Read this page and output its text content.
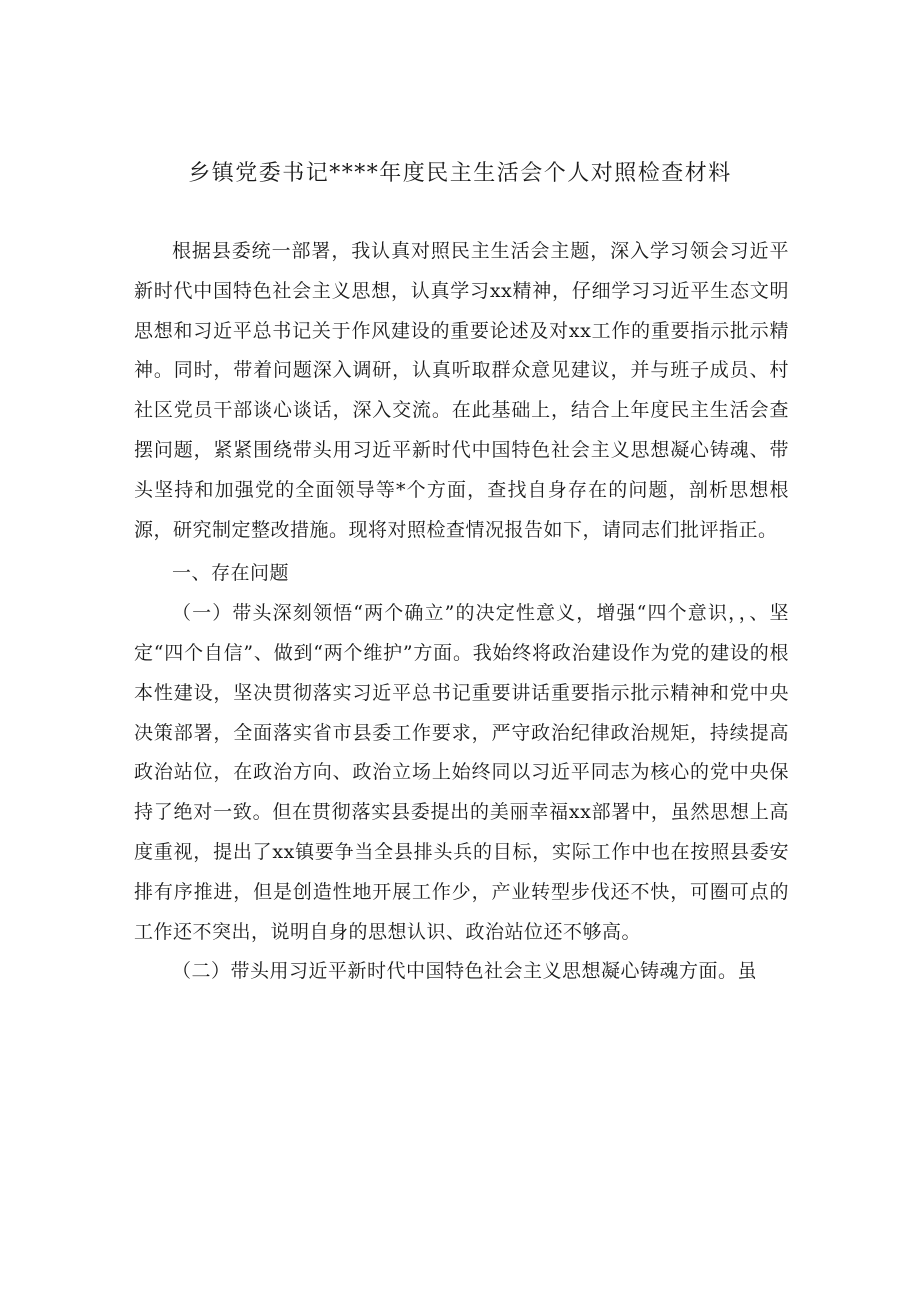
乡镇党委书记****年度民主生活会个人对照检查材料

根据县委统一部署，我认真对照民主生活会主题，深入学习领会习近平新时代中国特色社会主义思想，认真学习xx精神，仔细学习习近平生态文明思想和习近平总书记关于作风建设的重要论述及对xx工作的重要指示批示精神。同时，带着问题深入调研，认真听取群众意见建议，并与班子成员、村社区党员干部谈心谈话，深入交流。在此基础上，结合上年度民主生活会查摆问题，紧紧围绕带头用习近平新时代中国特色社会主义思想凝心铸魂、带头坚持和加强党的全面领导等*个方面，查找自身存在的问题，剖析思想根源，研究制定整改措施。现将对照检查情况报告如下，请同志们批评指正。

一、存在问题

（一）带头深刻领悟“两个确立”的决定性意义，增强“四个意识，，、坚定“四个自信”、做到“两个维护”方面。我始终将政治建设作为党的建设的根本性建设，坚决贯彻落实习近平总书记重要讲话重要指示批示精神和党中央决策部署，全面落实省市县委工作要求，严守政治纪律政治规矩，持续提高政治站位，在政治方向、政治立场上始终同以习近平同志为核心的党中央保持了绝对一致。但在贯彻落实县委提出的美丽幸福xx部署中，虽然思想上高度重视，提出了xx镇要争当全县排头兵的目标，实际工作中也在按照县委安排有序推进，但是创造性地开展工作少，产业转型步伐还不快，可圈可点的工作还不突出，说明自身的思想认识、政治站位还不够高。

（二）带头用习近平新时代中国特色社会主义思想凝心铸魂方面。虽
